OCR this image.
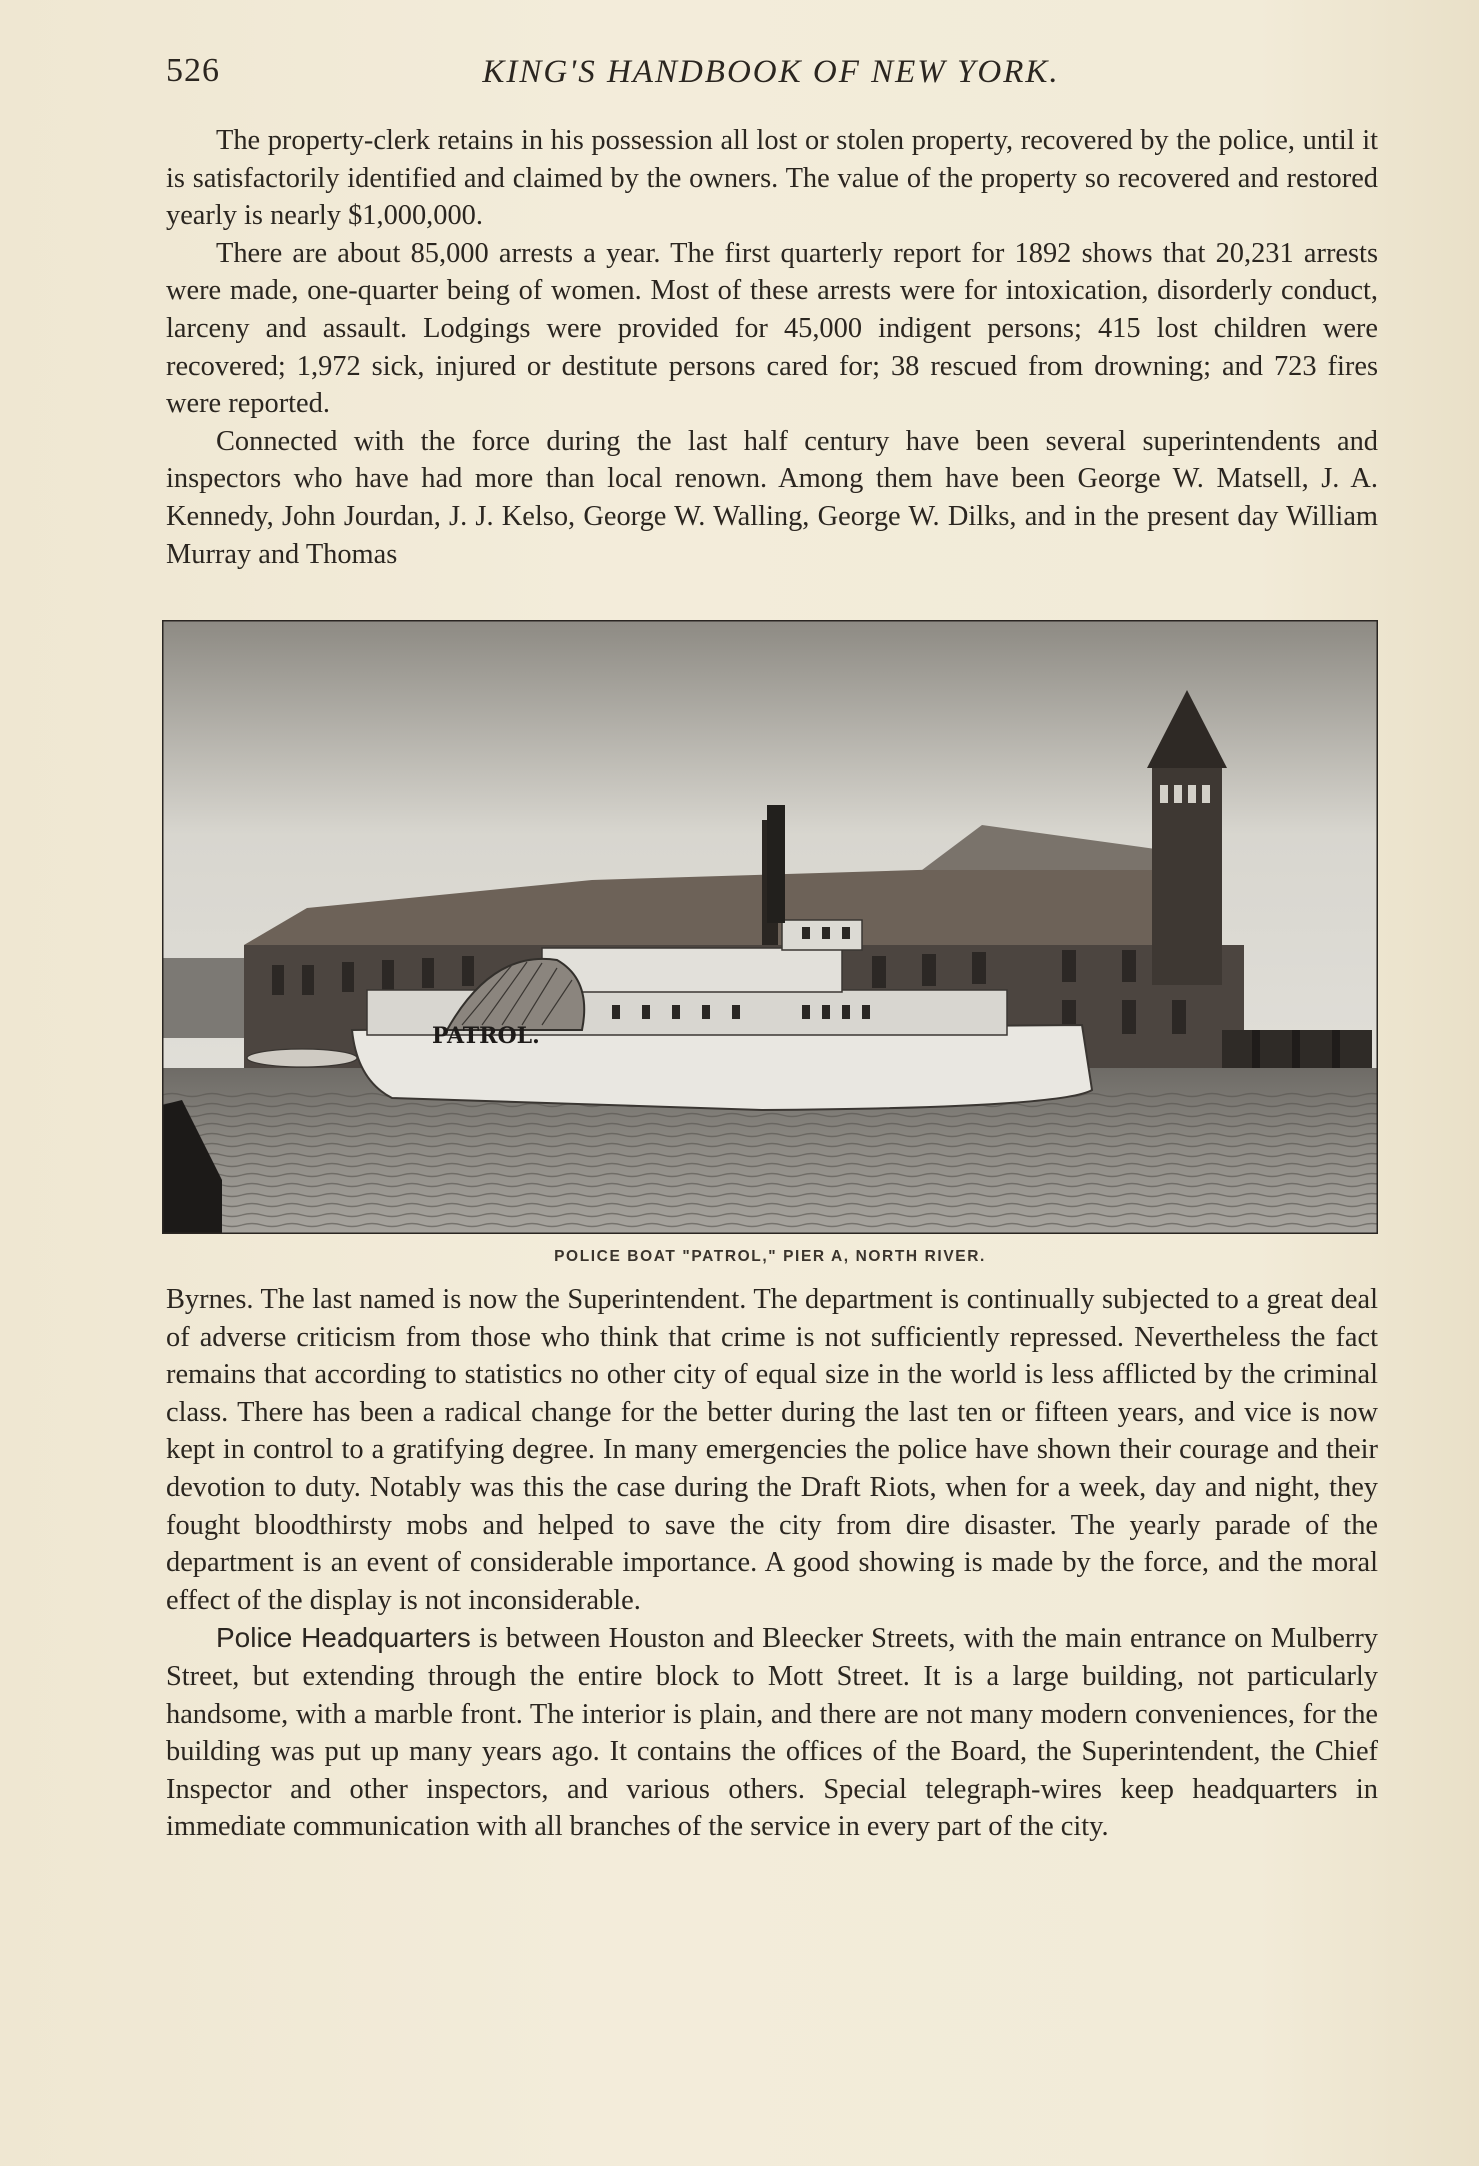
526	KING'S HANDBOOK OF NEW YORK.

The property-clerk retains in his possession all lost or stolen property, recovered by the police, until it is satisfactorily identified and claimed by the owners. The value of the property so recovered and restored yearly is nearly $1,000,000.

There are about 85,000 arrests a year. The first quarterly report for 1892 shows that 20,231 arrests were made, one-quarter being of women. Most of these arrests were for intoxication, disorderly conduct, larceny and assault. Lodgings were provided for 45,000 indigent persons; 415 lost children were recovered; 1,972 sick, injured or destitute persons cared for; 38 rescued from drowning; and 723 fires were reported.

Connected with the force during the last half century have been several superintendents and inspectors who have had more than local renown. Among them have been George W. Matsell, J. A. Kennedy, John Jourdan, J. J. Kelso, George W. Walling, George W. Dilks, and in the present day William Murray and Thomas

PATROL.
POLICE BOAT "PATROL," PIER A, NORTH RIVER.

Byrnes. The last named is now the Superintendent. The department is continually subjected to a great deal of adverse criticism from those who think that crime is not sufficiently repressed. Nevertheless the fact remains that according to statistics no other city of equal size in the world is less afflicted by the criminal class. There has been a radical change for the better during the last ten or fifteen years, and vice is now kept in control to a gratifying degree. In many emergencies the police have shown their courage and their devotion to duty. Notably was this the case during the Draft Riots, when for a week, day and night, they fought bloodthirsty mobs and helped to save the city from dire disaster. The yearly parade of the department is an event of considerable importance. A good showing is made by the force, and the moral effect of the display is not inconsiderable.

Police Headquarters is between Houston and Bleecker Streets, with the main entrance on Mulberry Street, but extending through the entire block to Mott Street. It is a large building, not particularly handsome, with a marble front. The interior is plain, and there are not many modern conveniences, for the building was put up many years ago. It contains the offices of the Board, the Superintendent, the Chief Inspector and other inspectors, and various others. Special telegraph-wires keep headquarters in immediate communication with all branches of the service in every part of the city.
